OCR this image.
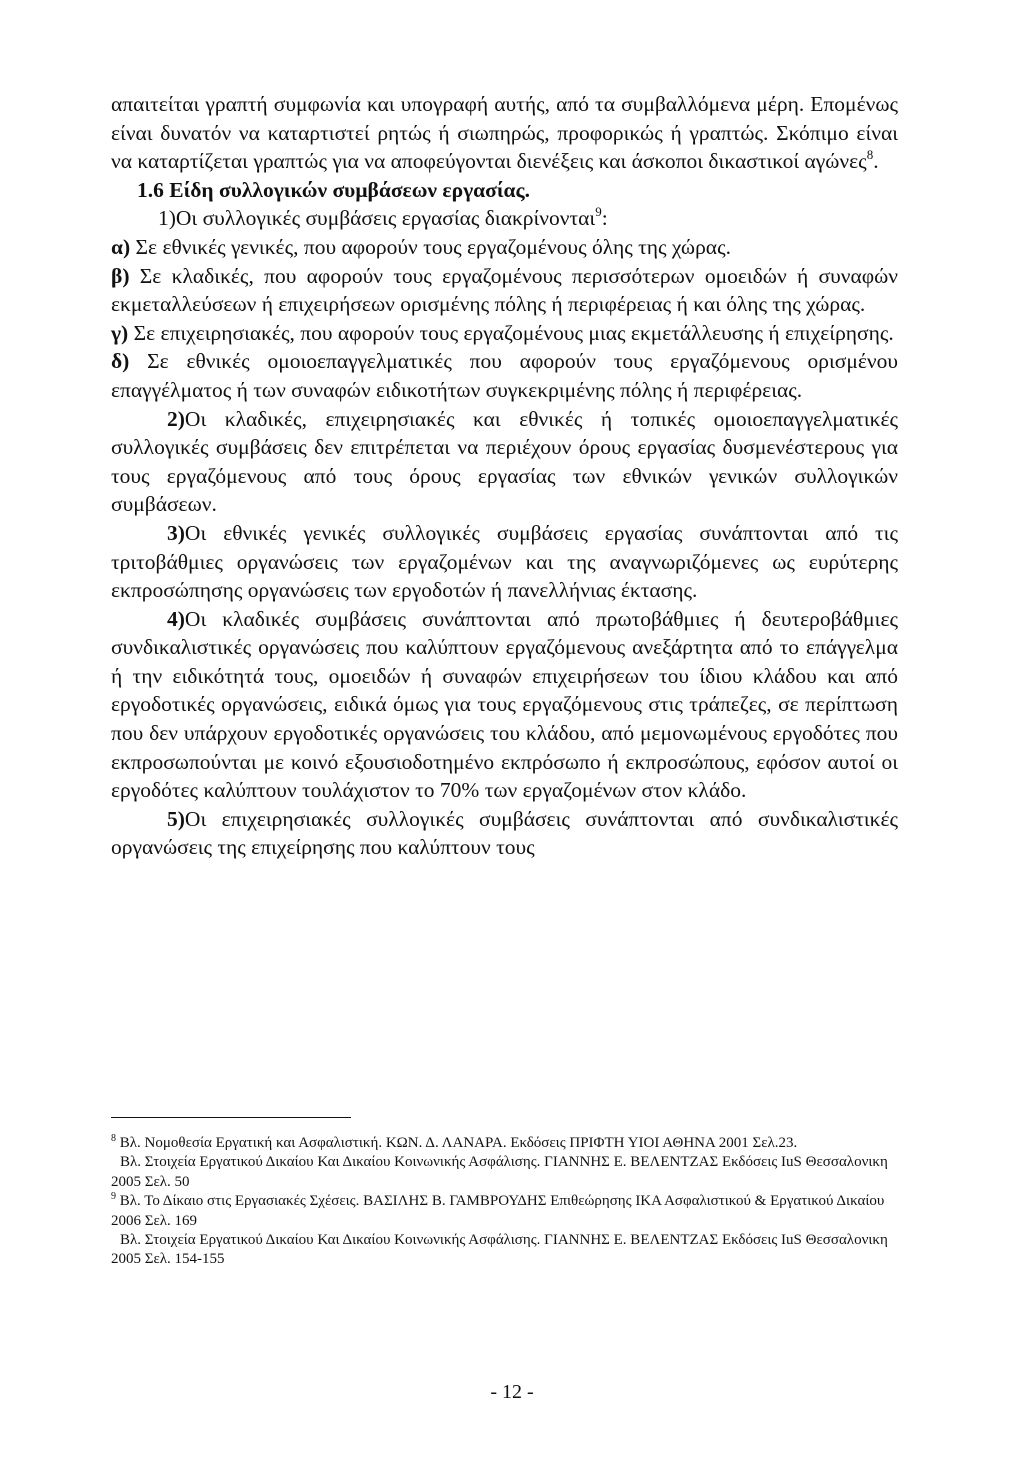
απαιτείται γραπτή συμφωνία και υπογραφή αυτής, από τα συμβαλλόμενα μέρη. Επομένως είναι δυνατόν να καταρτιστεί ρητώς ή σιωπηρώς, προφορικώς ή γραπτώς. Σκόπιμο είναι να καταρτίζεται γραπτώς για να αποφεύγονται διενέξεις και άσκοποι δικαστικοί αγώνες$^8$.

1.6 Είδη συλλογικών συμβάσεων εργασίας.

1)Οι συλλογικές συμβάσεις εργασίας διακρίνονται$^9$:

α) Σε εθνικές γενικές, που αφορούν τους εργαζομένους όλης της χώρας.

β) Σε κλαδικές, που αφορούν τους εργαζομένους περισσότερων ομοειδών ή συναφών εκμεταλλεύσεων ή επιχειρήσεων ορισμένης πόλης ή περιφέρειας ή και όλης της χώρας.

γ) Σε επιχειρησιακές, που αφορούν τους εργαζομένους μιας εκμετάλλευσης ή επιχείρησης.

δ) Σε εθνικές ομοιοεπαγγελματικές που αφορούν τους εργαζόμενους ορισμένου επαγγέλματος ή των συναφών ειδικοτήτων συγκεκριμένης πόλης ή περιφέρειας.

2)Οι κλαδικές, επιχειρησιακές και εθνικές ή τοπικές ομοιοεπαγγελματικές συλλογικές συμβάσεις δεν επιτρέπεται να περιέχουν όρους εργασίας δυσμενέστερους για τους εργαζόμενους από τους όρους εργασίας των εθνικών γενικών συλλογικών συμβάσεων.

3)Οι εθνικές γενικές συλλογικές συμβάσεις εργασίας συνάπτονται από τις τριτοβάθμιες οργανώσεις των εργαζομένων και της αναγνωριζόμενες ως ευρύτερης εκπροσώπησης οργανώσεις των εργοδοτών ή πανελλήνιας έκτασης.

4)Οι κλαδικές συμβάσεις συνάπτονται από πρωτοβάθμιες ή δευτεροβάθμιες συνδικαλιστικές οργανώσεις που καλύπτουν εργαζόμενους ανεξάρτητα από το επάγγελμα ή την ειδικότητά τους, ομοειδών ή συναφών επιχειρήσεων του ίδιου κλάδου και από εργοδοτικές οργανώσεις, ειδικά όμως για τους εργαζόμενους στις τράπεζες, σε περίπτωση που δεν υπάρχουν εργοδοτικές οργανώσεις του κλάδου, από μεμονωμένους εργοδότες που εκπροσωπούνται με κοινό εξουσιοδοτημένο εκπρόσωπο ή εκπροσώπους, εφόσον αυτοί οι εργοδότες καλύπτουν τουλάχιστον το 70% των εργαζομένων στον κλάδο.

5)Οι επιχειρησιακές συλλογικές συμβάσεις συνάπτονται από συνδικαλιστικές οργανώσεις της επιχείρησης που καλύπτουν τους

$^8$ Βλ. Νομοθεσία Εργατική και Ασφαλιστική. ΚΩΝ. Δ. ΛΑΝΑΡΑ. Εκδόσεις ΠΡΙΦΤΗ ΥΙΟΙ ΑΘΗΝΑ 2001 Σελ.23.

Βλ. Στοιχεία Εργατικού Δικαίου Και Δικαίου Κοινωνικής Ασφάλισης. ΓΙΑΝΝΗΣ Ε. ΒΕΛΕΝΤΖΑΣ Εκδόσεις IuS Θεσσαλονικη 2005 Σελ. 50

$^9$ Βλ. Το Δίκαιο στις Εργασιακές Σχέσεις. ΒΑΣΙΛΗΣ Β. ΓΑΜΒΡΟΥΔΗΣ Επιθεώρησης ΙΚΑ Ασφαλιστικού & Εργατικού Δικαίου 2006 Σελ. 169

Βλ. Στοιχεία Εργατικού Δικαίου Και Δικαίου Κοινωνικής Ασφάλισης. ΓΙΑΝΝΗΣ Ε. ΒΕΛΕΝΤΖΑΣ Εκδόσεις IuS Θεσσαλονικη 2005 Σελ. 154-155

- 12 -
